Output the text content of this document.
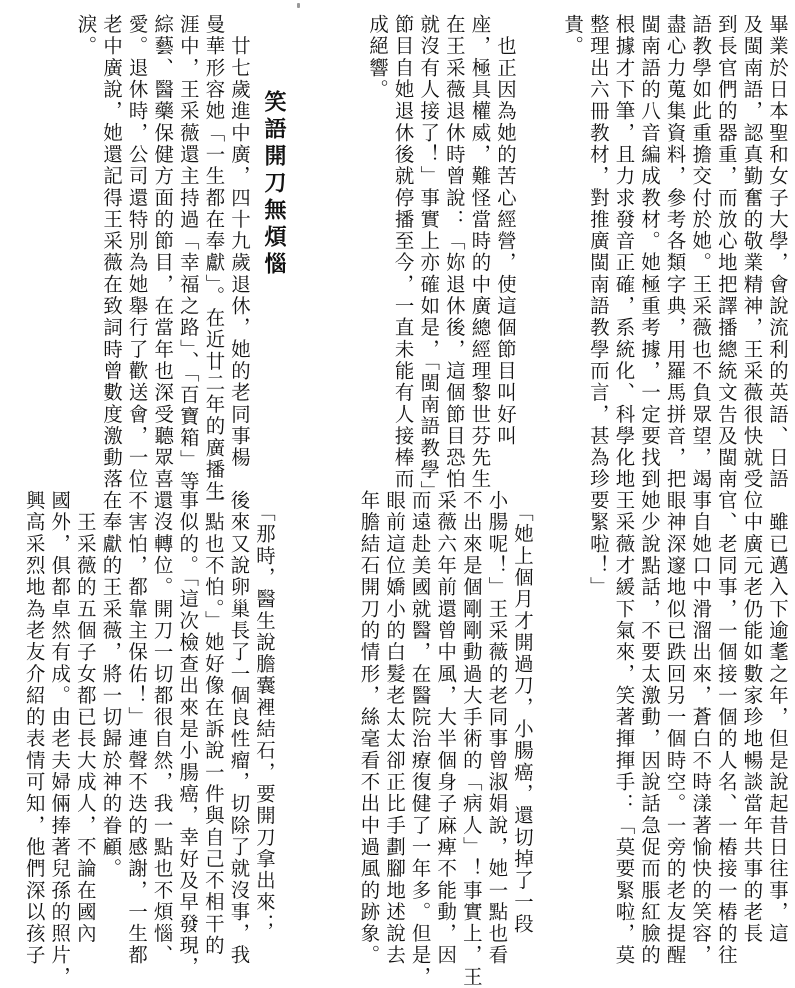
畢業於日本聖和女子大學，會說流利的英語、日語
及閩南語，認真勤奮的敬業精神，王采薇很快就受
到長官們的器重，而放心地把譯播總統文告及閩南
語教學如此重擔交付於她。王采薇也不負眾望，竭
盡心力蒐集資料，參考各類字典，用羅馬拼音，把
閩南語的八音編成教材。她極重考據，一定要找到
根據才下筆，且力求發音正確，系統化、科學化地
整理出六冊教材，對推廣閩南語教學而言，甚為珍
貴。
　也正因為她的苦心經營，使這個節目叫好叫
座，極具權威，難怪當時的中廣總經理黎世芬先生
在王采薇退休時曾說：「妳退休後，這個節目恐怕
就沒有人接了！」事實上亦確如是，「閩南語教學」
節目自她退休後就停播至今，一直未能有人接棒而
成絕響。
笑語開刀無煩惱
　廿七歲進中廣，四十九歲退休，她的老同事楊
曼華形容她「一生都在奉獻」。在近廿二年的廣播生
涯中，王采薇還主持過「幸福之路」、「百寶箱」等
綜藝、醫藥保健方面的節目，在當年也深受聽眾喜
愛。退休時，公司還特別為她舉行了歡送會，一位
老中廣說，她還記得王采薇在致詞時曾數度激動落
淚。
　雖已邁入下逾耄之年，但是說起昔日往事，這
位中廣元老仍能如數家珍地暢談當年共事的老長
官、老同事，一個接一個的人名、一樁接一樁的往
事自她口中滑溜出來，蒼白不時漾著愉快的笑容，
眼神深邃地似已跌回另一個時空。一旁的老友提醒
她少說點話，不要太激動，因說話急促而脹紅臉的
王采薇才緩下氣來，笑著揮揮手：「莫要緊啦，莫
要緊啦！」
　「她上個月才開過刀，小腸癌，還切掉了一段
小腸呢！」王采薇的老同事曾淑娟說，她一點也看
不出來是個剛剛動過大手術的「病人」！事實上，王
采薇六年前還曾中風，大半個身子麻痺不能動，因
而遠赴美國就醫，在醫院治療復健了一年多。但是，
眼前這位嬌小的白髮老太太卻正比手劃腳地述說去
年膽結石開刀的情形，絲毫看不出中過風的跡象。
　「那時，醫生說膽囊裡結石，要開刀拿出來；
後來又說卵巢長了一個良性瘤，切除了就沒事，我
一點也不怕。」她好像在訴說一件與自己不相干的
事似的。「這次檢查出來是小腸癌，幸好及早發現，
還沒轉位。開刀一切都很自然，我一點也不煩惱、
不害怕，都靠主保佑！」連聲不迭的感謝，一生都
在奉獻的王采薇，將一切歸於神的眷顧。
　王采薇的五個子女都已長大成人，不論在國內
國外，俱都卓然有成。由老夫婦倆捧著兒孫的照片，
興高采烈地為老友介紹的表情可知，他們深以孩子
